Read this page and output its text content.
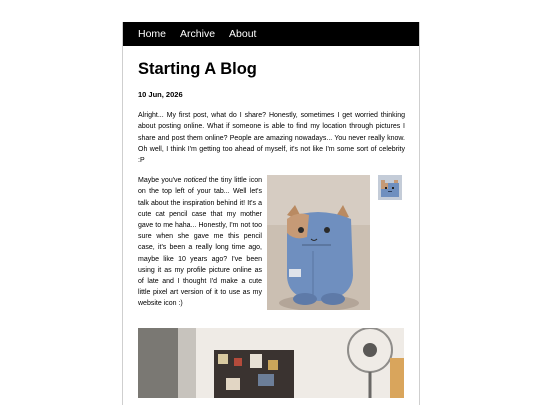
Home Archive About
Starting A Blog
10 Jun, 2026

Alright... My first post, what do I share? Honestly, sometimes I get worried thinking about posting online. What if someone is able to find my location through pictures I share and post them online? People are amazing nowadays... You never really know. Oh well, I think I'm getting too ahead of myself, it's not like I'm some sort of celebrity :P

Maybe you've noticed the tiny little icon on the top left of your tab... Well let's talk about the inspiration behind it! It's a cute cat pencil case that my mother gave to me haha... Honestly, I'm not too sure when she gave me this pencil case, it's been a really long time ago, maybe like 10 years ago? I've been using it as my profile picture online as of late and I thought I'd make a cute little pixel art version of it to use as my website icon :)
